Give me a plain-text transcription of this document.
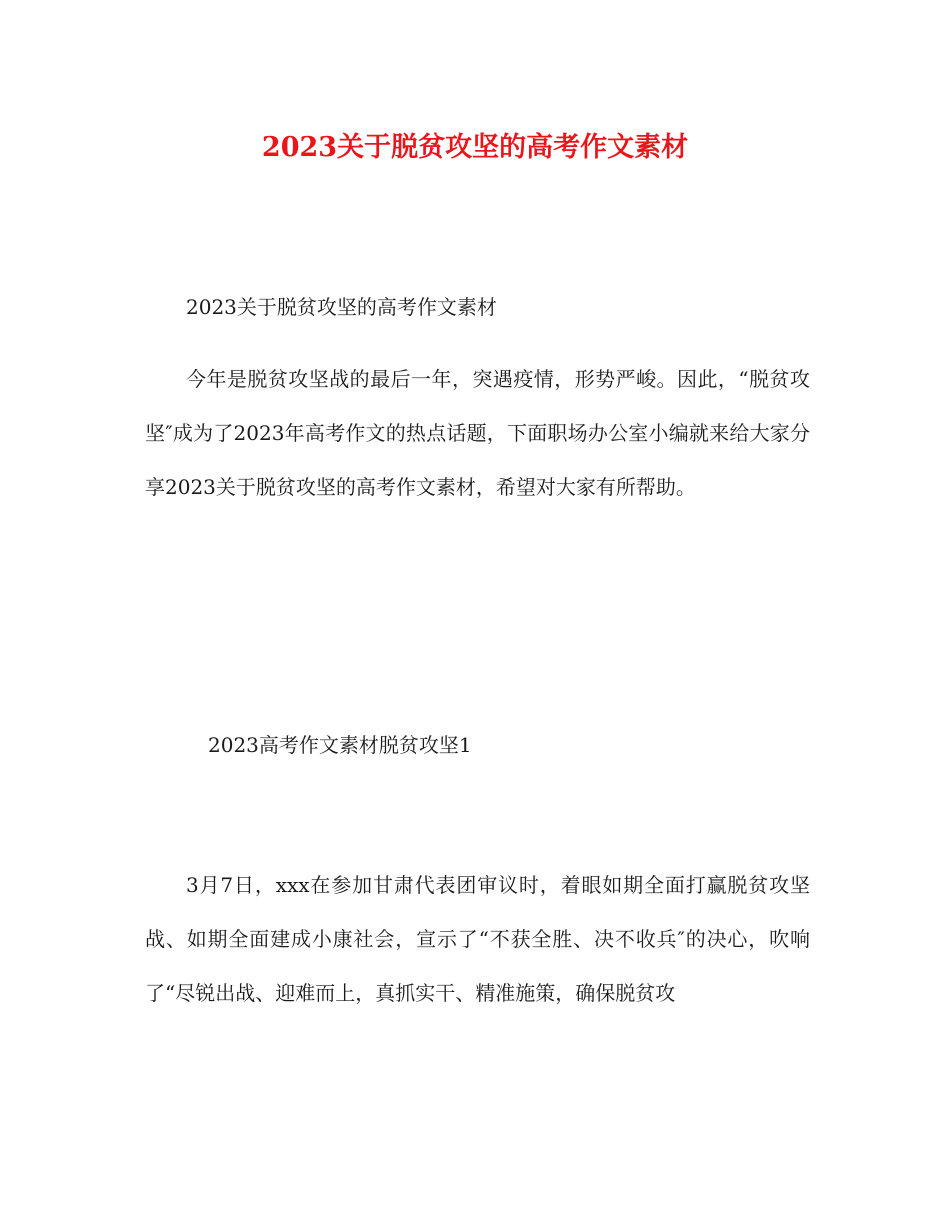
2023关于脱贫攻坚的高考作文素材

2023关于脱贫攻坚的高考作文素材

今年是脱贫攻坚战的最后一年，突遇疫情，形势严峻。因此，“脱贫攻坚″成为了2023年高考作文的热点话题，下面职场办公室小编就来给大家分享2023关于脱贫攻坚的高考作文素材，希望对大家有所帮助。

2023高考作文素材脱贫攻坚1

3月7日，xxx在参加甘肃代表团审议时，着眼如期全面打赢脱贫攻坚战、如期全面建成小康社会，宣示了“不获全胜、决不收兵″的决心，吹响了“尽锐出战、迎难而上，真抓实干、精准施策，确保脱贫攻
